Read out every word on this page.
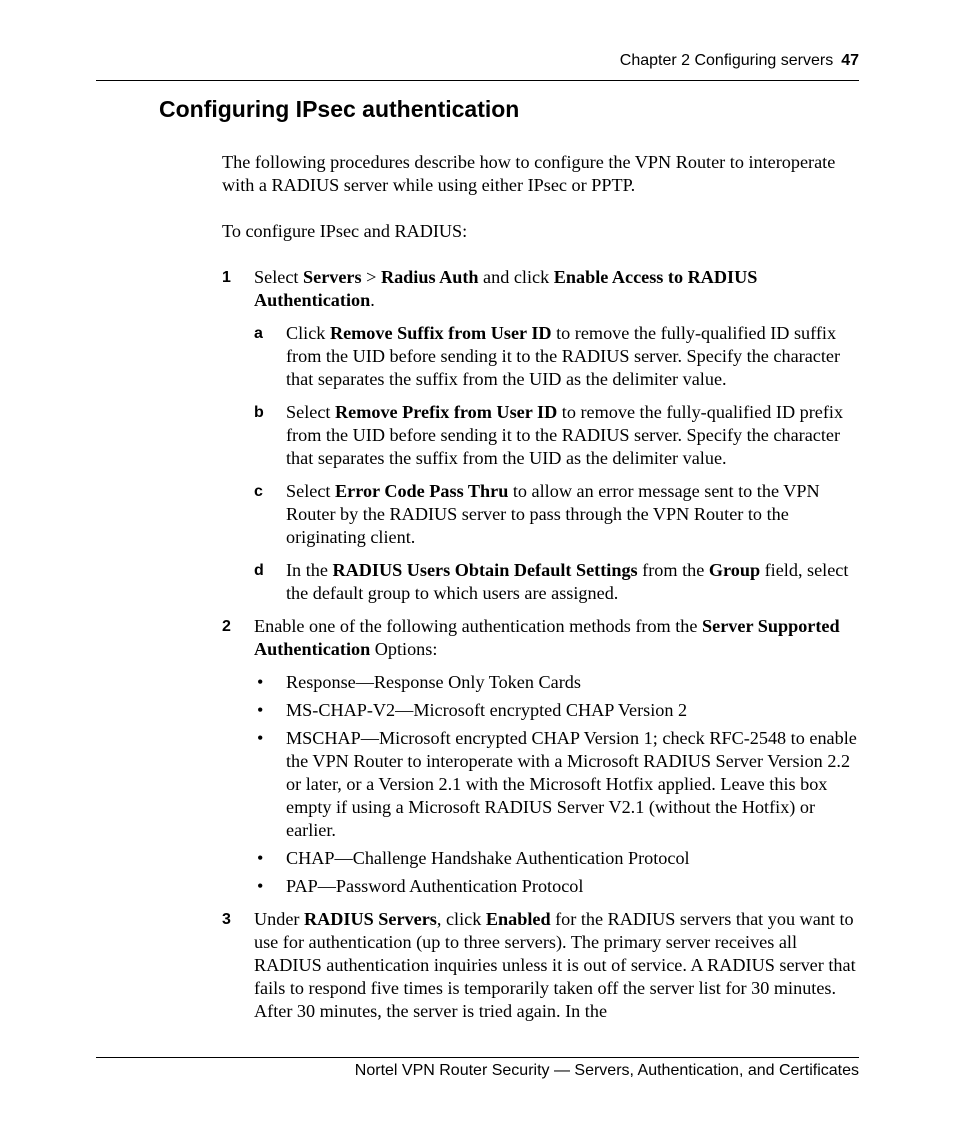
Chapter 2 Configuring servers 47
Configuring IPsec authentication

The following procedures describe how to configure the VPN Router to interoperate with a RADIUS server while using either IPsec or PPTP.

To configure IPsec and RADIUS:

1 Select Servers > Radius Auth and click Enable Access to RADIUS Authentication.
a Click Remove Suffix from User ID to remove the fully-qualified ID suffix from the UID before sending it to the RADIUS server. Specify the character that separates the suffix from the UID as the delimiter value.
b Select Remove Prefix from User ID to remove the fully-qualified ID prefix from the UID before sending it to the RADIUS server. Specify the character that separates the suffix from the UID as the delimiter value.
c Select Error Code Pass Thru to allow an error message sent to the VPN Router by the RADIUS server to pass through the VPN Router to the originating client.
d In the RADIUS Users Obtain Default Settings from the Group field, select the default group to which users are assigned.
2 Enable one of the following authentication methods from the Server Supported Authentication Options:
• Response—Response Only Token Cards
• MS-CHAP-V2—Microsoft encrypted CHAP Version 2
• MSCHAP—Microsoft encrypted CHAP Version 1; check RFC-2548 to enable the VPN Router to interoperate with a Microsoft RADIUS Server Version 2.2 or later, or a Version 2.1 with the Microsoft Hotfix applied. Leave this box empty if using a Microsoft RADIUS Server V2.1 (without the Hotfix) or earlier.
• CHAP—Challenge Handshake Authentication Protocol
• PAP—Password Authentication Protocol
3 Under RADIUS Servers, click Enabled for the RADIUS servers that you want to use for authentication (up to three servers). The primary server receives all RADIUS authentication inquiries unless it is out of service. A RADIUS server that fails to respond five times is temporarily taken off the server list for 30 minutes. After 30 minutes, the server is tried again. In the
Nortel VPN Router Security — Servers, Authentication, and Certificates
